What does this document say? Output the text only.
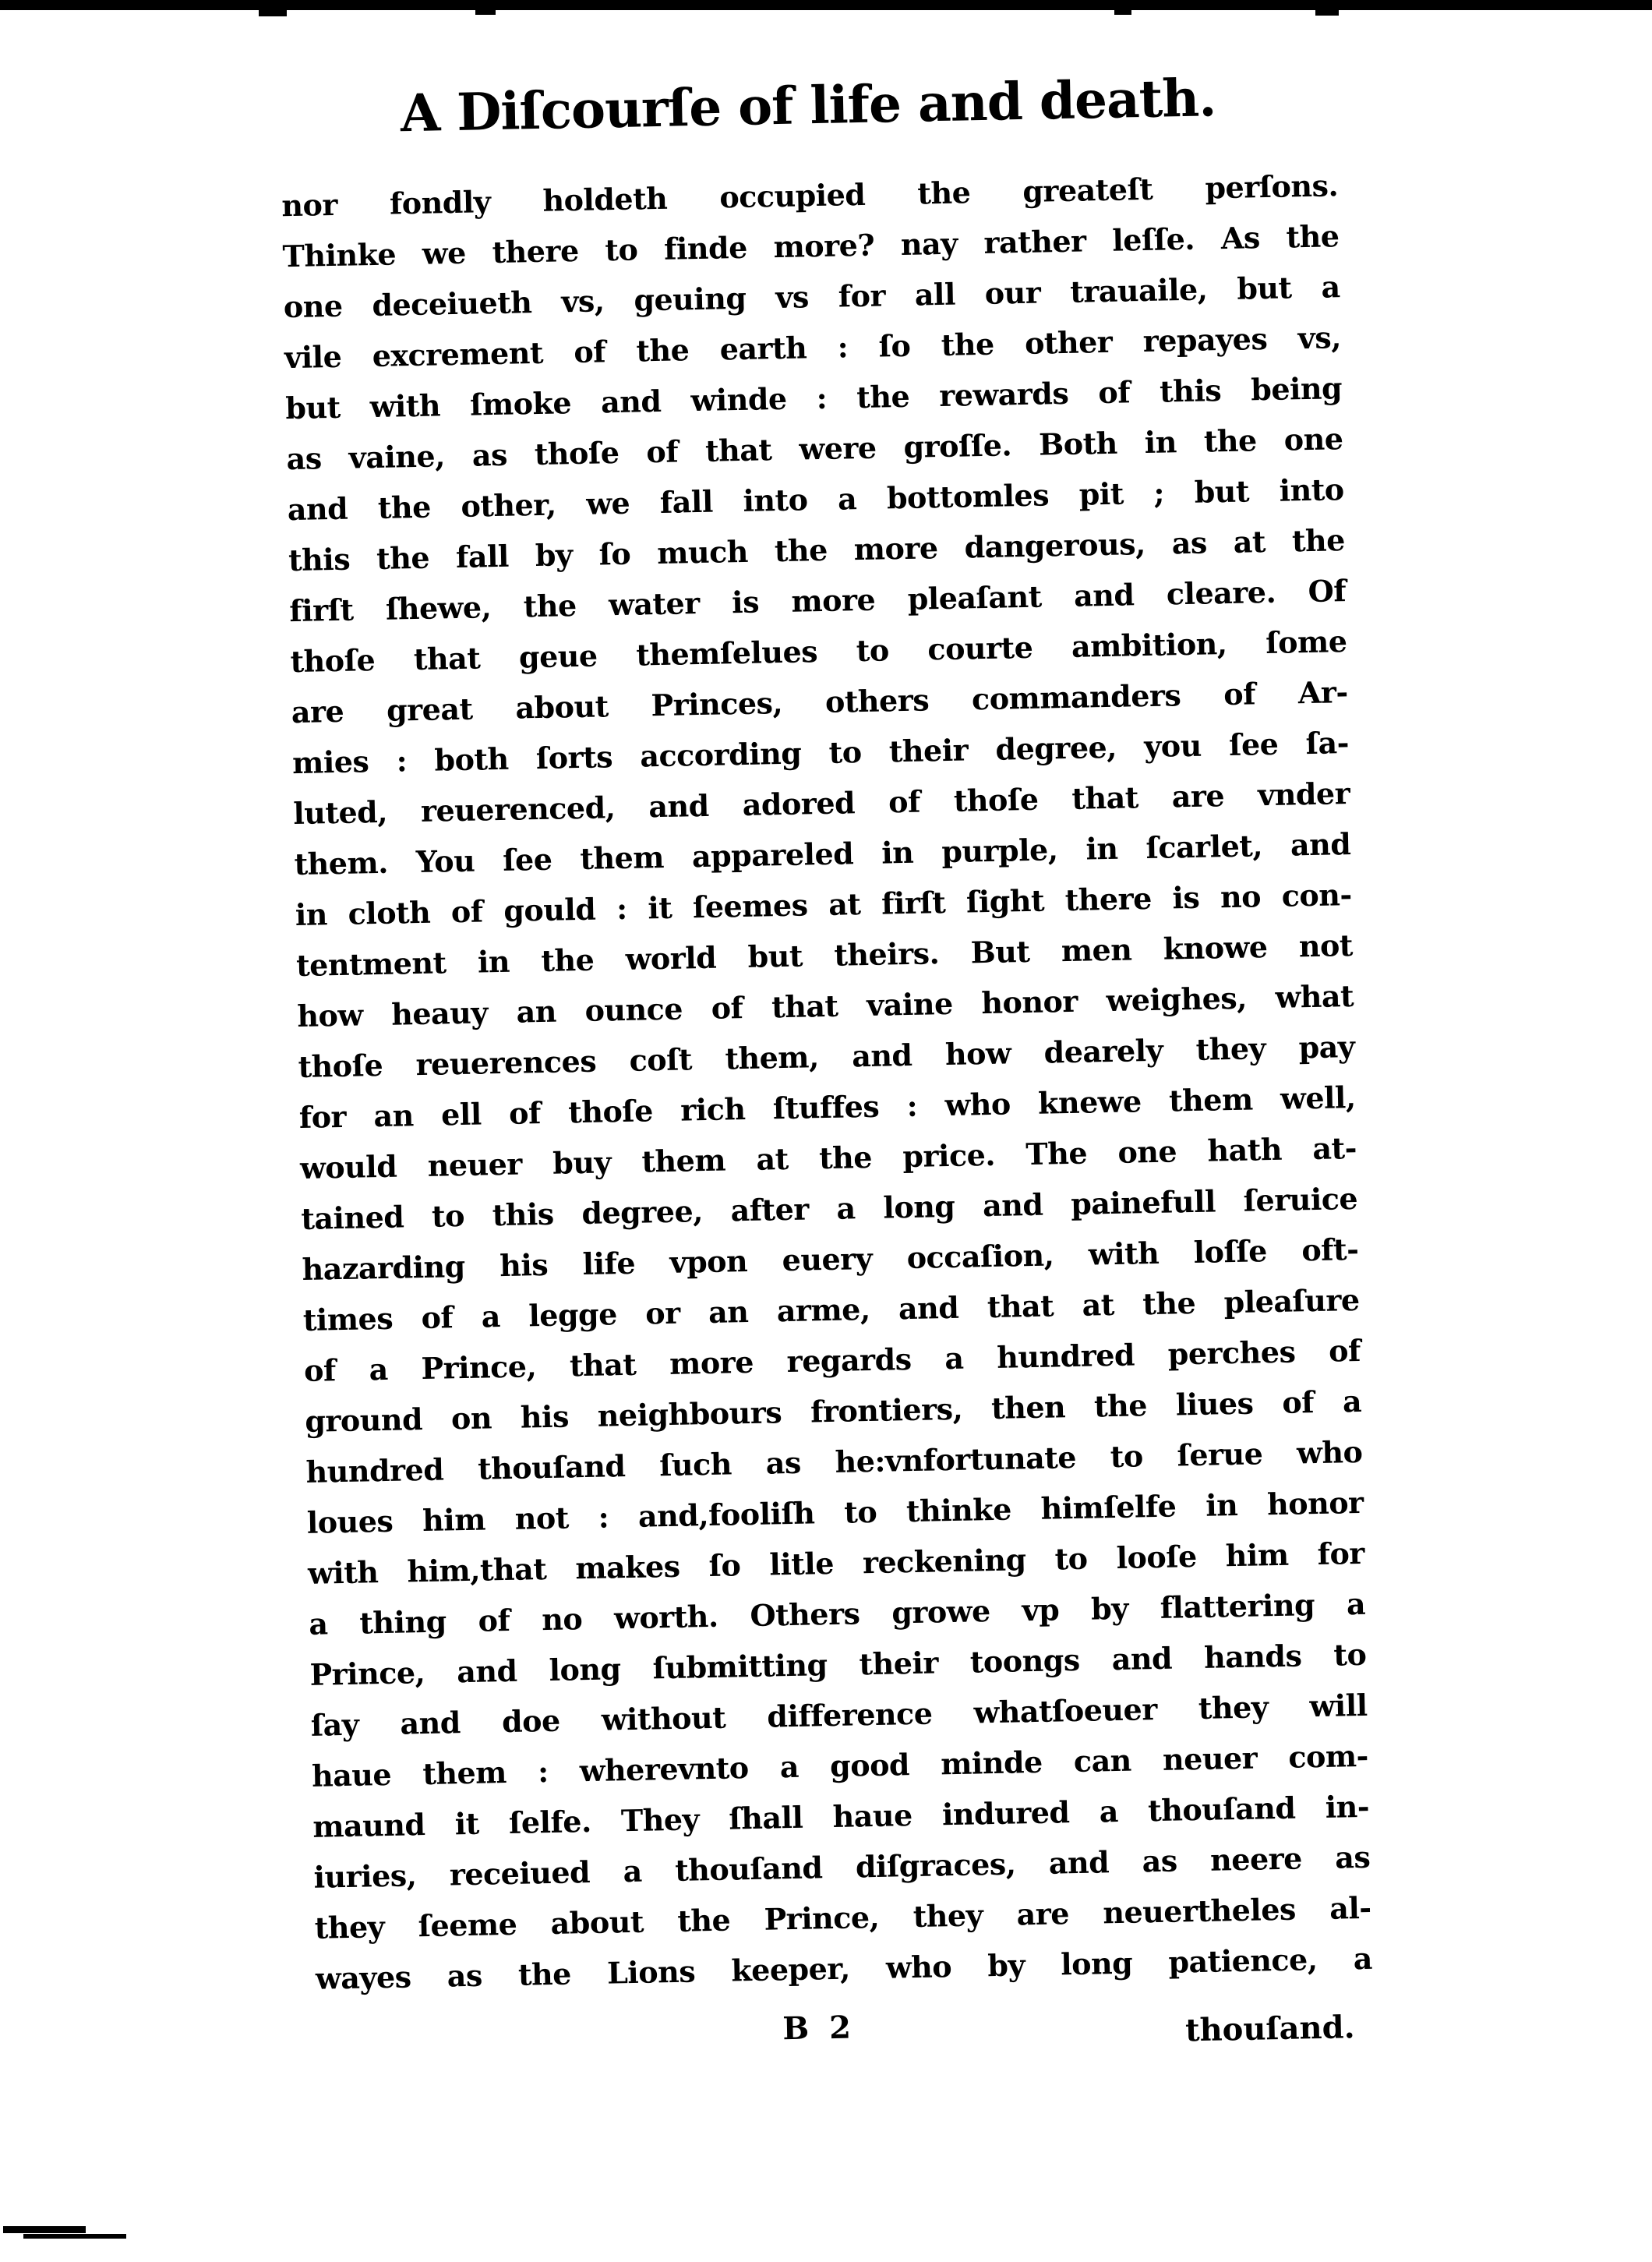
A Diſcourſe of life and death.
nor fondly holdeth occupied the greateſt perſons.
Thinke we there to finde more? nay rather leſſe. As the
one deceiueth vs, geuing vs for all our trauaile, but a
vile excrement of the earth : ſo the other repayes vs,
but with ſmoke and winde : the rewards of this being
as vaine, as thoſe of that were groſſe. Both in the one
and the other, we fall into a bottomles pit ; but into
this the fall by ſo much the more dangerous, as at the
firſt ſhewe, the water is more pleaſant and cleare. Of
thoſe that geue themſelues to courte ambition, ſome
are great about Princes, others commanders of Ar-
mies : both ſorts according to their degree, you ſee ſa-
luted, reuerenced, and adored of thoſe that are vnder
them. You ſee them appareled in purple, in ſcarlet, and
in cloth of gould : it ſeemes at firſt ſight there is no con-
tentment in the world but theirs. But men knowe not
how heauy an ounce of that vaine honor weighes, what
thoſe reuerences coſt them, and how dearely they pay
for an ell of thoſe rich ſtuffes : who knewe them well,
would neuer buy them at the price. The one hath at-
tained to this degree, after a long and painefull ſeruice
hazarding his life vpon euery occaſion, with loſſe oft-
times of a legge or an arme, and that at the pleaſure
of a Prince, that more regards a hundred perches of
ground on his neighbours frontiers, then the liues of a
hundred thouſand ſuch as he:vnfortunate to ſerue who
loues him not : and,fooliſh to thinke himſelfe in honor
with him,that makes ſo litle reckening to looſe him for
a thing of no worth. Others growe vp by flattering a
Prince, and long ſubmitting their toongs and hands to
ſay and doe without difference whatſoeuer they will
haue them : wherevnto a good minde can neuer com-
maund it ſelfe. They ſhall haue indured a thouſand in-
iuries, receiued a thouſand diſgraces, and as neere as
they ſeeme about the Prince, they are neuertheles al-
wayes as the Lions keeper, who by long patience, a
B 2	thouſand.
